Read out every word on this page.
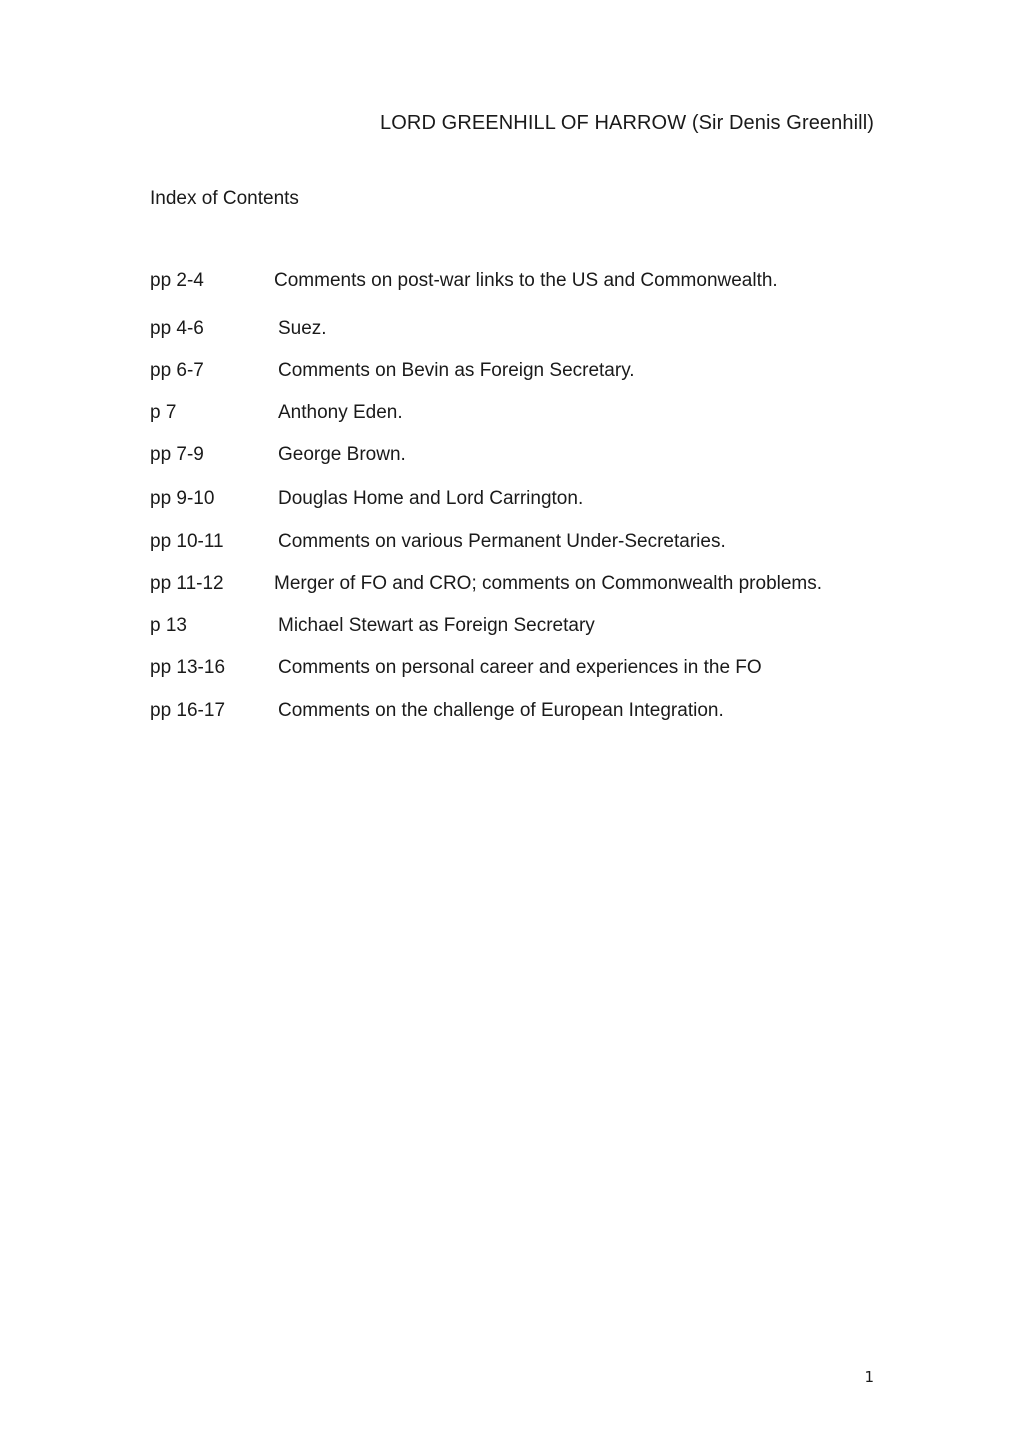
LORD GREENHILL OF HARROW (Sir Denis Greenhill)
Index of Contents
pp 2-4	Comments on post-war links to the US and Commonwealth.
pp 4-6	Suez.
pp 6-7	Comments on Bevin as Foreign Secretary.
p 7	Anthony Eden.
pp 7-9	George Brown.
pp 9-10	Douglas Home and Lord Carrington.
pp 10-11	Comments on various Permanent Under-Secretaries.
pp 11-12	Merger of FO and CRO; comments on Commonwealth problems.
p 13	Michael Stewart as Foreign Secretary
pp 13-16	Comments on personal career and experiences in the FO
pp 16-17	Comments on the challenge of European Integration.
1
